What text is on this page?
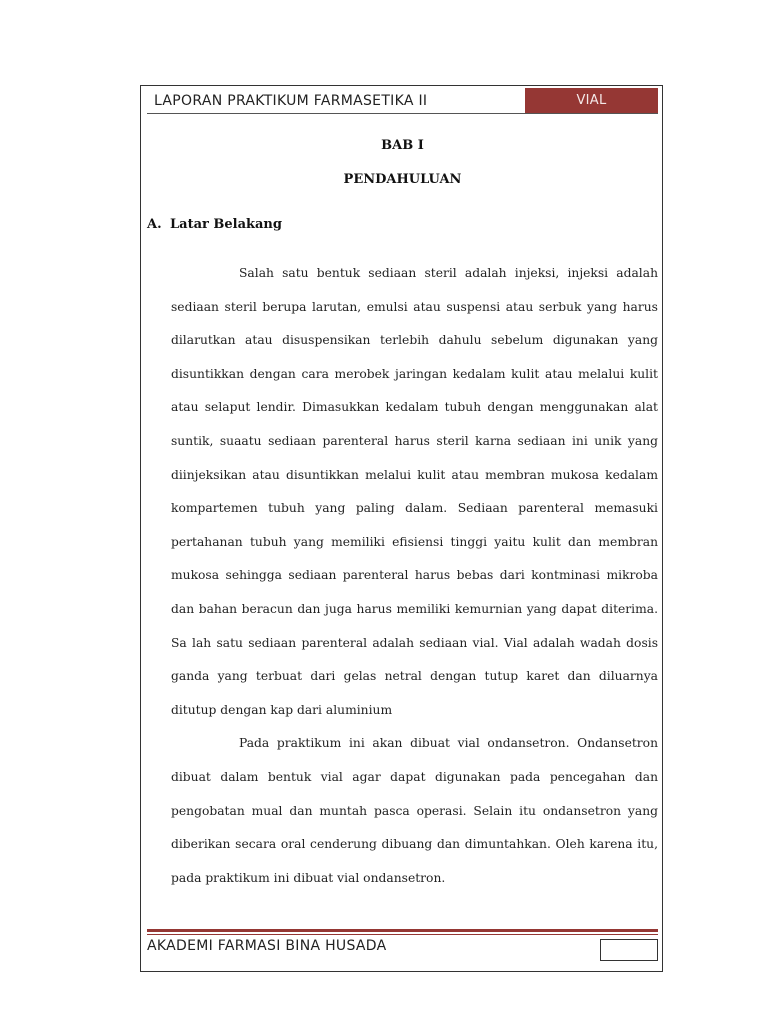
LAPORAN PRAKTIKUM FARMASETIKA II	VIAL
BAB I
PENDAHULUAN
A. Latar Belakang

Salah satu bentuk sediaan steril adalah injeksi, injeksi adalah sediaan steril berupa larutan, emulsi atau suspensi atau serbuk yang harus dilarutkan atau disuspensikan terlebih dahulu sebelum digunakan yang disuntikkan dengan cara merobek jaringan kedalam kulit atau melalui kulit atau selaput lendir. Dimasukkan kedalam tubuh dengan menggunakan alat suntik, suaatu sediaan parenteral harus steril karna sediaan ini unik yang diinjeksikan atau disuntikkan melalui kulit atau membran mukosa kedalam kompartemen tubuh yang paling dalam. Sediaan parenteral memasuki pertahanan tubuh yang memiliki efisiensi tinggi yaitu kulit dan membran mukosa sehingga sediaan parenteral harus bebas dari kontminasi mikroba dan bahan beracun dan juga harus memiliki kemurnian yang dapat diterima. Sa lah satu sediaan parenteral adalah sediaan vial. Vial adalah wadah dosis ganda yang terbuat dari gelas netral dengan tutup karet dan diluarnya ditutup dengan kap dari aluminium

Pada praktikum ini akan dibuat vial ondansetron. Ondansetron dibuat dalam bentuk vial agar dapat digunakan pada pencegahan dan pengobatan mual dan muntah pasca operasi. Selain itu ondansetron yang diberikan secara oral cenderung dibuang dan dimuntahkan. Oleh karena itu, pada praktikum ini dibuat vial ondansetron.

AKADEMI FARMASI BINA HUSADA
